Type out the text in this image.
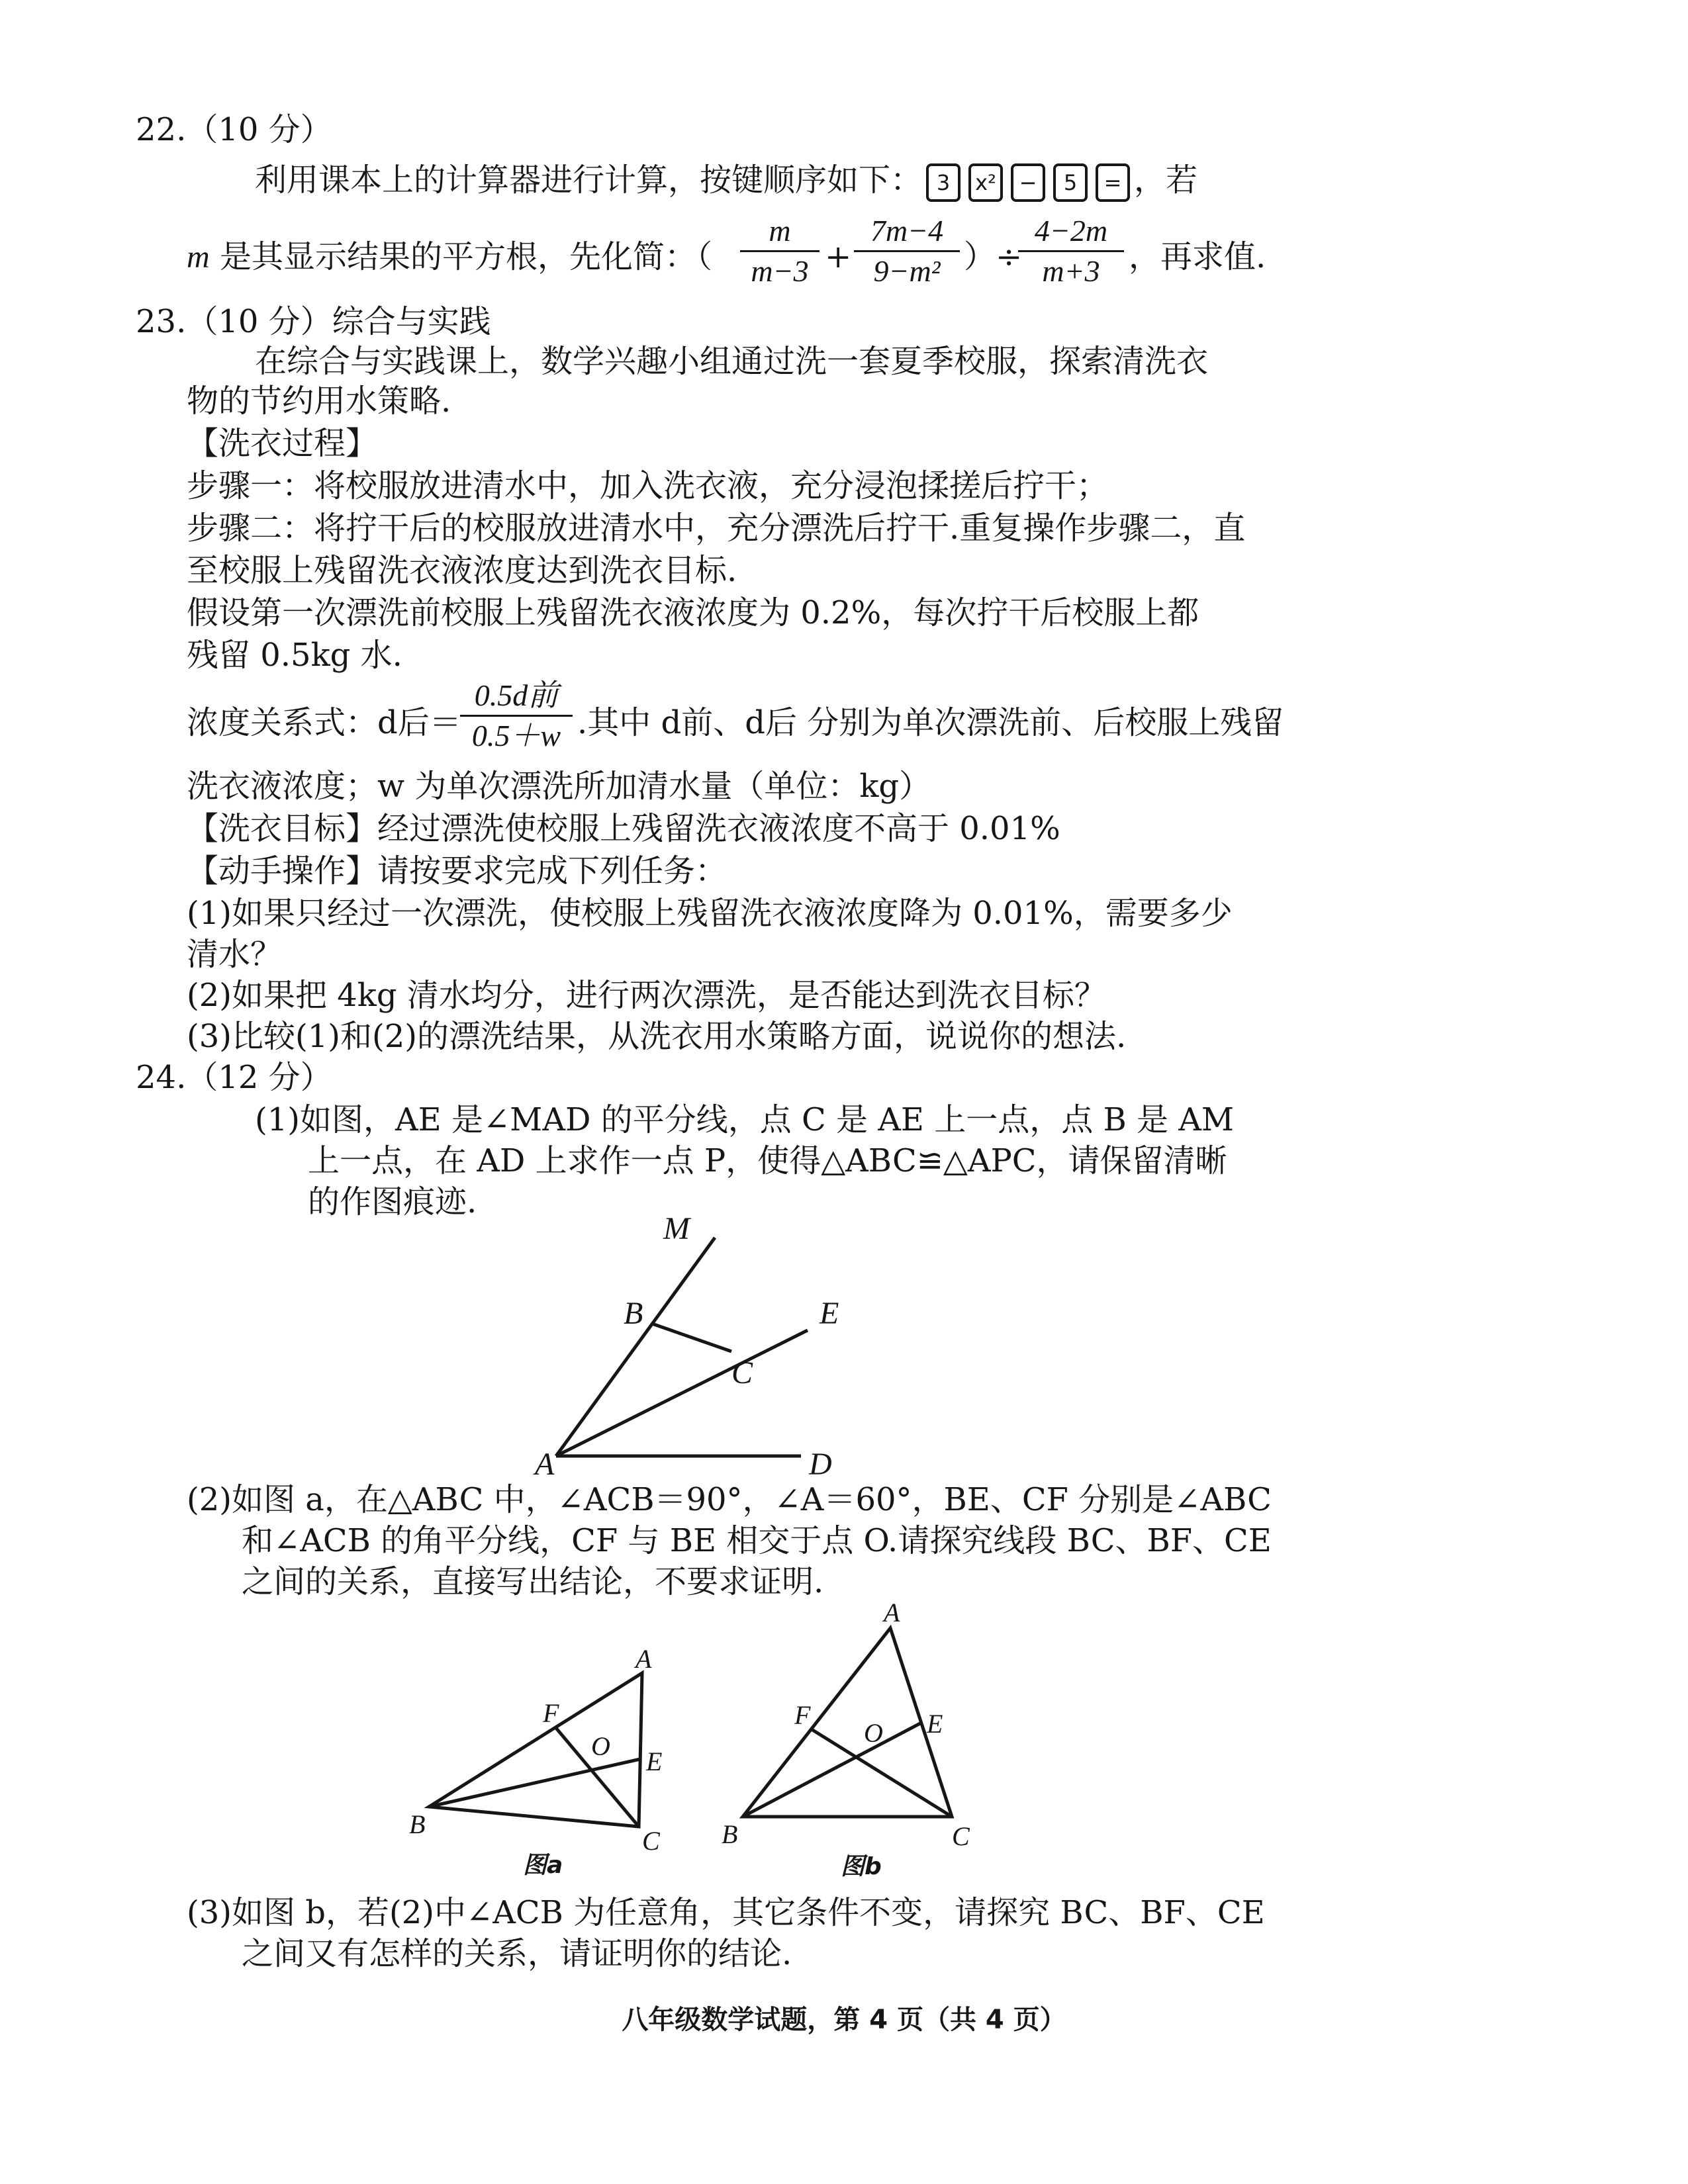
22.（10 分）
利用课本上的计算器进行计算，按键顺序如下： 3 x² − 5 = ，若
m 是其显示结果的平方根，先化简：（
m
m−3 +
7m−4
9−m² ）÷
4−2m
m+3 ，再求值.
23.（10 分）综合与实践
在综合与实践课上，数学兴趣小组通过洗一套夏季校服，探索清洗衣
物的节约用水策略.
【洗衣过程】
步骤一：将校服放进清水中，加入洗衣液，充分浸泡揉搓后拧干；
步骤二：将拧干后的校服放进清水中，充分漂洗后拧干.重复操作步骤二，直
至校服上残留洗衣液浓度达到洗衣目标.
假设第一次漂洗前校服上残留洗衣液浓度为 0.2%，每次拧干后校服上都
残留 0.5kg 水.
浓度关系式：d后＝
0.5d前
0.5＋w .其中 d前、d后 分别为单次漂洗前、后校服上残留
洗衣液浓度；w 为单次漂洗所加清水量（单位：kg）
【洗衣目标】经过漂洗使校服上残留洗衣液浓度不高于 0.01%
【动手操作】请按要求完成下列任务：
(1)如果只经过一次漂洗，使校服上残留洗衣液浓度降为 0.01%，需要多少
清水？
(2)如果把 4kg 清水均分，进行两次漂洗，是否能达到洗衣目标？
(3)比较(1)和(2)的漂洗结果，从洗衣用水策略方面，说说你的想法.
24.（12 分）
(1)如图，AE 是∠MAD 的平分线，点 C 是 AE 上一点，点 B 是 AM
上一点，在 AD 上求作一点 P，使得△ABC≌△APC，请保留清晰
的作图痕迹.
M
B	E
C
A	D
(2)如图 a，在△ABC 中，∠ACB＝90°，∠A＝60°，BE、CF 分别是∠ABC
和∠ACB 的角平分线，CF 与 BE 相交于点 O.请探究线段 BC、BF、CE
之间的关系，直接写出结论，不要求证明.
A
F
O
E
B
C
图a
A
F
O E
B	C
图b
(3)如图 b，若(2)中∠ACB 为任意角，其它条件不变，请探究 BC、BF、CE
之间又有怎样的关系，请证明你的结论.
八年级数学试题，第 4 页（共 4 页）
